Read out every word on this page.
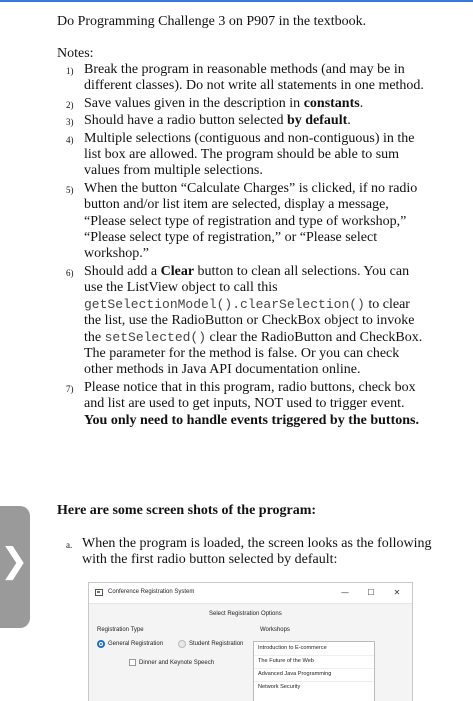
Do Programming Challenge 3 on P907 in the textbook.
Notes:
1) Break the program in reasonable methods (and may be in different classes). Do not write all statements in one method.
2) Save values given in the description in constants.
3) Should have a radio button selected by default.
4) Multiple selections (contiguous and non-contiguous) in the list box are allowed. The program should be able to sum values from multiple selections.
5) When the button “Calculate Charges” is clicked, if no radio button and/or list item are selected, display a message, “Please select type of registration and type of workshop,” “Please select type of registration,” or “Please select workshop.”
6) Should add a Clear button to clean all selections. You can use the ListView object to call this getSelectionModel().clearSelection() to clear the list, use the RadioButton or CheckBox object to invoke the setSelected() clear the RadioButton and CheckBox. The parameter for the method is false. Or you can check other methods in Java API documentation online.
7) Please notice that in this program, radio buttons, check box and list are used to get inputs, NOT used to trigger event. You only need to handle events triggered by the buttons.
Here are some screen shots of the program:
a. When the program is loaded, the screen looks as the following with the first radio button selected by default:
❯
Conference Registration System	—	☐	✕
Select Registration Options
Registration Type	Workshops
General Registration	Student Registration
Dinner and Keynote Speech
Introduction to E-commerce
The Future of the Web
Advanced Java Programming
Network Security
